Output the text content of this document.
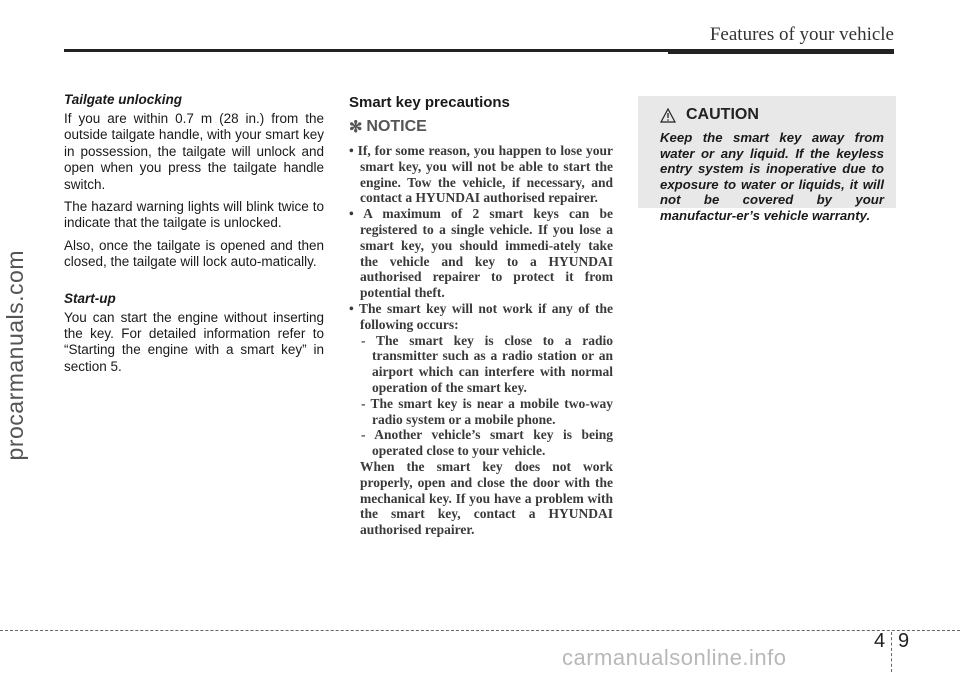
Features of your vehicle
procarmanuals.com
Tailgate unlocking

If you are within 0.7 m (28 in.) from the outside tailgate handle, with your smart key in possession, the tailgate will unlock and open when you press the tailgate handle switch.

The hazard warning lights will blink twice to indicate that the tailgate is unlocked.

Also, once the tailgate is opened and then closed, the tailgate will lock auto-matically.

Start-up

You can start the engine without inserting the key. For detailed information refer to “Starting the engine with a smart key” in section 5.

Smart key precautions
✻ NOTICE
• If, for some reason, you happen to lose your smart key, you will not be able to start the engine. Tow the vehicle, if necessary, and contact a HYUNDAI authorised repairer.
• A maximum of 2 smart keys can be registered to a single vehicle. If you lose a smart key, you should immedi-ately take the vehicle and key to a HYUNDAI authorised repairer to protect it from potential theft.
• The smart key will not work if any of the following occurs:
- The smart key is close to a radio transmitter such as a radio station or an airport which can interfere with normal operation of the smart key.
- The smart key is near a mobile two-way radio system or a mobile phone.
- Another vehicle’s smart key is being operated close to your vehicle.
When the smart key does not work properly, open and close the door with the mechanical key. If you have a problem with the smart key, contact a HYUNDAI authorised repairer.
CAUTION

Keep the smart key away from water or any liquid. If the keyless entry system is inoperative due to exposure to water or liquids, it will not be covered by your manufactur-er’s vehicle warranty.

4 9
carmanualsonline.info
